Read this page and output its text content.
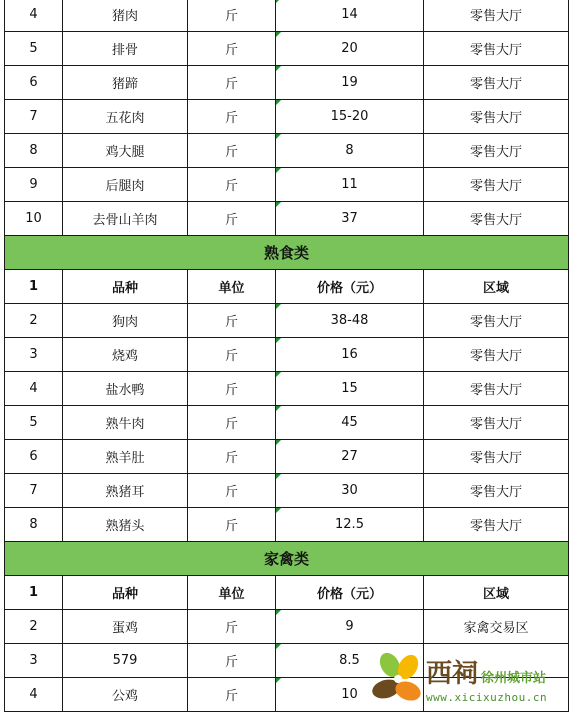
4	猪肉	斤	14	零售大厅
5	排骨	斤	20	零售大厅
6	猪蹄	斤	19	零售大厅
7	五花肉	斤	15-20	零售大厅
8	鸡大腿	斤	8	零售大厅
9	后腿肉	斤	11	零售大厅
10	去骨山羊肉	斤	37	零售大厅
熟食类				
1	品种	单位	价格（元）	区域
2	狗肉	斤	38-48	零售大厅
3	烧鸡	斤	16	零售大厅
4	盐水鸭	斤	15	零售大厅
5	熟牛肉	斤	45	零售大厅
6	熟羊肚	斤	27	零售大厅
7	熟猪耳	斤	30	零售大厅
8	熟猪头	斤	12.5	零售大厅
家禽类				
1	品种	单位	价格（元）	区域
2	蛋鸡	斤	9	家禽交易区
3	579	斤	8.5	
4	公鸡	斤	10	
西祠 徐州城市站
www.xicixuzhou.cn
